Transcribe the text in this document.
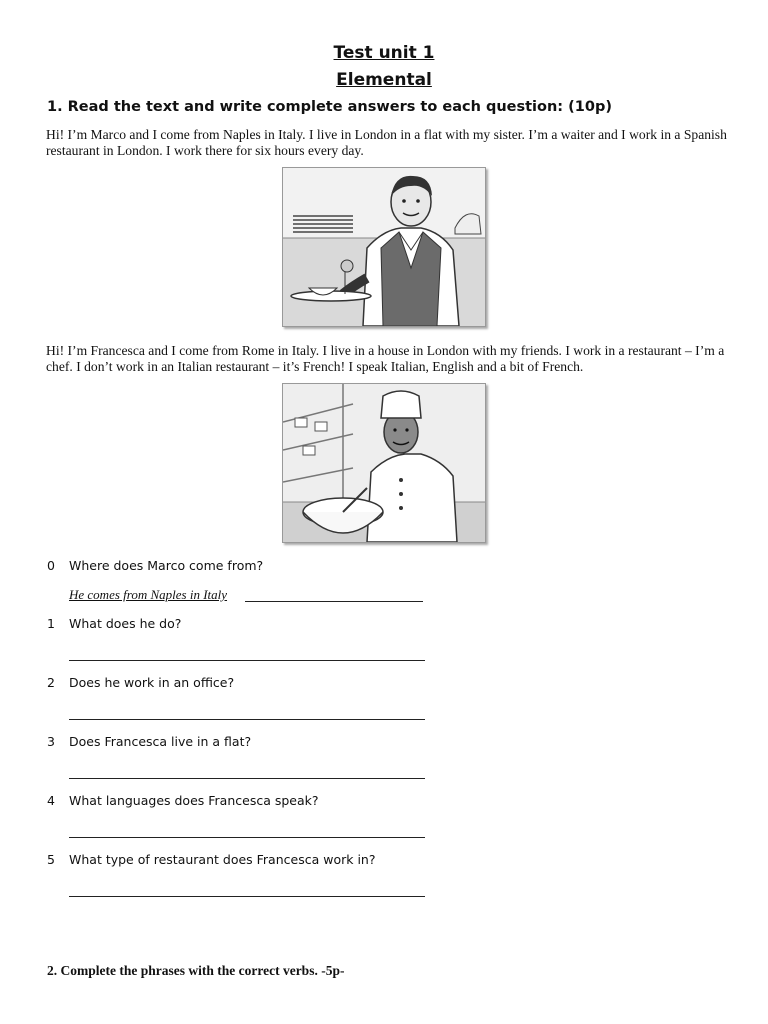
Test unit 1
Elemental
1. Read the text and write complete answers to each question: (10p)
Hi! I’m Marco and I come from Naples in Italy. I live in London in a flat with my sister. I’m a waiter and I work in a Spanish restaurant in London. I work there for six hours every day.
Hi! I’m Francesca and I come from Rome in Italy. I live in a house in London with my friends. I work in a restaurant – I’m a chef. I don’t work in an Italian restaurant – it’s French! I speak Italian, English and a bit of French.
0 Where does Marco come from?
He comes from Naples in Italy
1 What does he do?
2 Does he work in an office?
3 Does Francesca live in a flat?
4 What languages does Francesca speak?
5 What type of restaurant does Francesca work in?
2. Complete the phrases with the correct verbs. -5p-
